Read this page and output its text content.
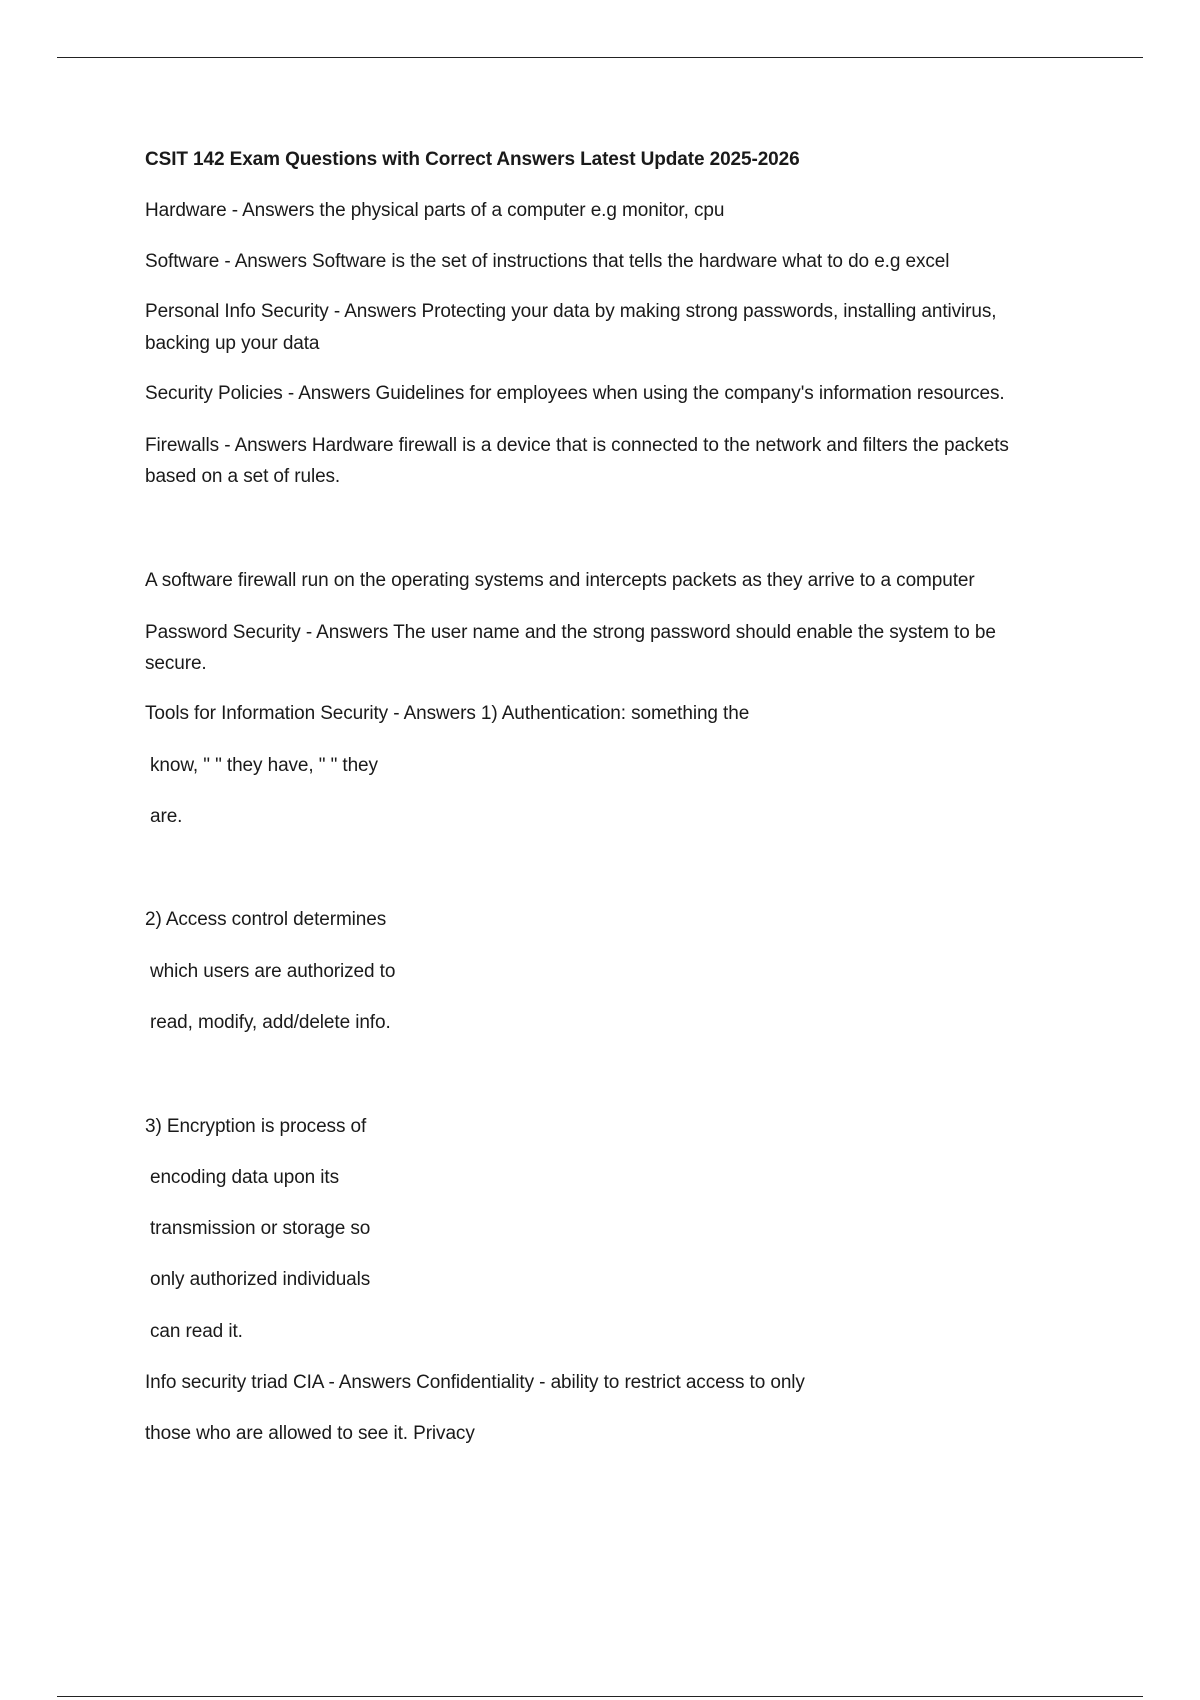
CSIT 142 Exam Questions with Correct Answers Latest Update 2025-2026

Hardware - Answers the physical parts of a computer e.g monitor, cpu

Software - Answers Software is the set of instructions that tells the hardware what to do e.g excel

Personal Info Security - Answers Protecting your data by making strong passwords, installing antivirus,

backing up your data

Security Policies - Answers Guidelines for employees when using the company's information resources.

Firewalls - Answers Hardware firewall is a device that is connected to the network and filters the packets

based on a set of rules.

A software firewall run on the operating systems and intercepts packets as they arrive to a computer

Password Security - Answers The user name and the strong password should enable the system to be

secure.

Tools for Information Security - Answers 1) Authentication: something the

know, " " they have, " " they

are.

2) Access control determines

which users are authorized to

read, modify, add/delete info.

3) Encryption is process of

encoding data upon its

transmission or storage so

only authorized individuals

can read it.

Info security triad CIA - Answers Confidentiality - ability to restrict access to only

those who are allowed to see it. Privacy
